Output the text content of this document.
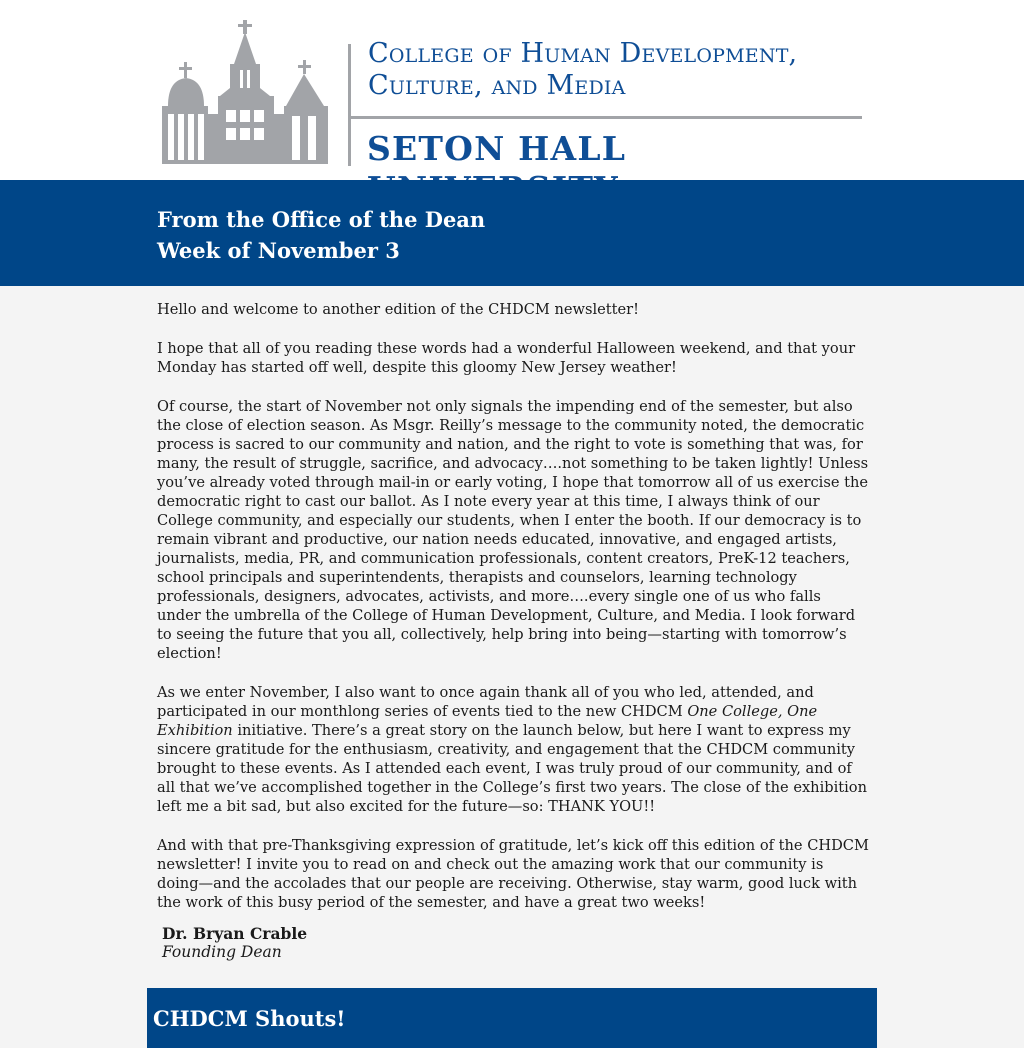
College of Human Development,
Culture, and Media
SETON HALL
From the Office of the Dean
Week of November 3

Hello and welcome to another edition of the CHDCM newsletter!

I hope that all of you reading these words had a wonderful Halloween weekend, and that your Monday has started off well, despite this gloomy New Jersey weather!

Of course, the start of November not only signals the impending end of the semester, but also the close of election season. As Msgr. Reilly’s message to the community noted, the democratic process is sacred to our community and nation, and the right to vote is something that was, for many, the result of struggle, sacrifice, and advocacy….not something to be taken lightly! Unless you’ve already voted through mail-in or early voting, I hope that tomorrow all of us exercise the democratic right to cast our ballot. As I note every year at this time, I always think of our College community, and especially our students, when I enter the booth. If our democracy is to remain vibrant and productive, our nation needs educated, innovative, and engaged artists, journalists, media, PR, and communication professionals, content creators, PreK-12 teachers, school principals and superintendents, therapists and counselors, learning technology professionals, designers, advocates, activists, and more….every single one of us who falls under the umbrella of the College of Human Development, Culture, and Media. I look forward to seeing the future that you all, collectively, help bring into being—starting with tomorrow’s election!

As we enter November, I also want to once again thank all of you who led, attended, and participated in our monthlong series of events tied to the new CHDCM One College, One Exhibition initiative. There’s a great story on the launch below, but here I want to express my sincere gratitude for the enthusiasm, creativity, and engagement that the CHDCM community brought to these events. As I attended each event, I was truly proud of our community, and of all that we’ve accomplished together in the College’s first two years. The close of the exhibition left me a bit sad, but also excited for the future—so: THANK YOU!!

And with that pre-Thanksgiving expression of gratitude, let’s kick off this edition of the CHDCM newsletter! I invite you to read on and check out the amazing work that our community is doing—and the accolades that our people are receiving. Otherwise, stay warm, good luck with the work of this busy period of the semester, and have a great two weeks!

Dr. Bryan Crable
Founding Dean
CHDCM Shouts!
